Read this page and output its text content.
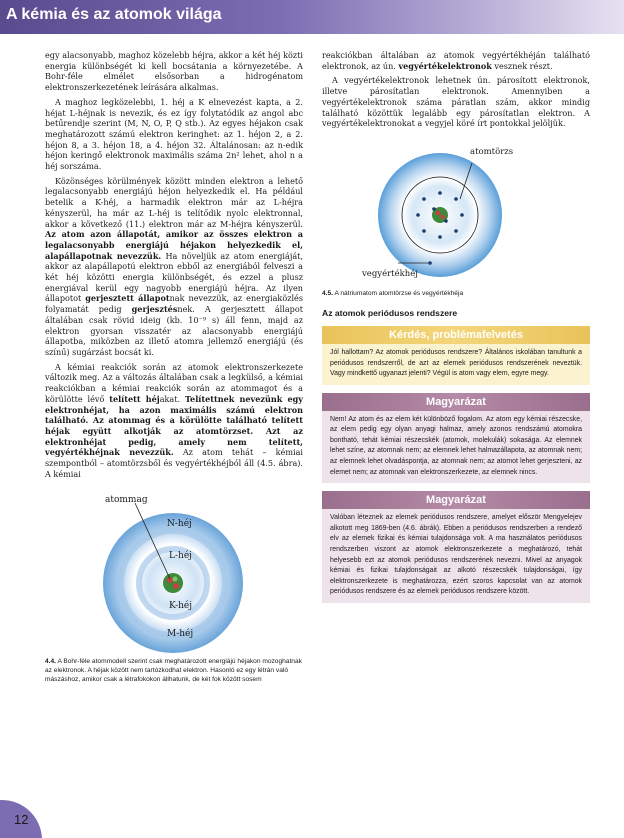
A kémia és az atomok világa

egy alacsonyabb, maghoz közelebb héjra, akkor a két héj közti energia különbségét ki kell bocsátania a környezetébe. A Bohr-féle elmélet elsősorban a hidrogénatom elektronszerkezetének leírására alkalmas.

A maghoz legközelebbi, 1. héj a K elnevezést kapta, a 2. héjat L-héjnak is nevezik, és ez így folytatódik az angol abc betűrendje szerint (M, N, O, P, Q stb.). Az egyes héjakon csak meghatározott számú elektron keringhet: az 1. héjon 2, a 2. héjon 8, a 3. héjon 18, a 4. héjon 32. Általánosan: az n-edik héjon keringő elektronok maximális száma 2n² lehet, ahol n a héj sorszáma.

Közönséges körülmények között minden elektron a lehető legalacsonyabb energiájú héjon helyezkedik el. Ha például betelik a K-héj, a harmadik elektron már az L-héjra kényszerül, ha már az L-héj is telítődik nyolc elektronnal, akkor a következő (11.) elektron már az M-héjra kényszerül. Az atom azon állapotát, amikor az összes elektron a legalacsonyabb energiájú héjakon helyezkedik el, alapállapotnak nevezzük. Ha növeljük az atom energiáját, akkor az alapállapotú elektron ebből az energiából felveszi a két héj közötti energia különbségét, és ezzel a plusz energiával kerül egy nagyobb energiájú héjra. Az ilyen állapotot gerjesztett állapotnak nevezzük, az energiaközlés folyamatát pedig gerjesztésnek. A gerjesztett állapot általában csak rövid ideig (kb. 10⁻⁹ s) áll fenn, majd az elektron gyorsan visszatér az alacsonyabb energiájú állapotba, miközben az illető atomra jellemző energiájú (és színű) sugárzást bocsát ki.

A kémiai reakciók során az atomok elektronszerkezete változik meg. Az a változás általában csak a legkülső, a kémiai reakciókban a kémiai reakciók során az atommagot és a körülötte lévő telített héjakat. Telítettnek nevezünk egy elektronhéjat, ha azon maximális számú elektron található. Az atommag és a körülötte található telített héjak együtt alkotják az atomtörzset. Azt az elektronhéjat pedig, amely nem telített, vegyértékhéjnak nevezzük. Az atom tehát – kémiai szempontból – atomtörzsből és vegyértékhéjból áll (4.5. ábra). A kémiai

atommag
N-héj
L-héj
K-héj
M-héj

4.4. A Bohr-féle atommodell szerint csak meghatározott energiájú héjakon mozoghatnak az elektronok. A héjak között nem tartózkodhat elektron. Hasonló ez egy létrán való mászáshoz, amikor csak a létrafokokon állhatunk, de két fok között sosem

reakciókban általában az atomok vegyértékhéján található elektronok, az ún. vegyértékelektronok vesznek részt.

A vegyértékelektronok lehetnek ún. párosított elektronok, illetve párosítatlan elektronok. Amennyiben a vegyértékelektronok száma páratlan szám, akkor mindig található közöttük legalább egy párosítatlan elektron. A vegyértékelektronokat a vegyjel köré írt pontokkal jelöljük.

atomtörzs
vegyértékhéj

4.5. A nátriumatom atomtörzse és vegyértékhéja

Az atomok periódusos rendszere
Kérdés, problémafelvetés
Jól hallottam? Az atomok periódusos rendszere? Általános iskolában tanultunk a periódusos rendszerről, de azt az elemek periódusos rendszerének neveztük. Vagy mindkettő ugyanazt jelenti? Végül is atom vagy elem, egyre megy.
Magyarázat
Nem! Az atom és az elem két különböző fogalom. Az atom egy kémiai részecske, az elem pedig egy olyan anyagi halmaz, amely azonos rendszámú atomokra bontható, tehát kémiai részecskék (atomok, molekulák) sokasága. Az elemnek lehet színe, az atomnak nem; az elemnek lehet halmazállapota, az atomnak nem; az elemnek lehet olvadáspontja, az atomnak nem; az atomot lehet gerjeszteni, az elemet nem; az atomnak van elektronszerkezete, az elemnek nincs.
Magyarázat
Valóban léteznek az elemek periódusos rendszere, amelyet először Mengyelejev alkotott meg 1869-ben (4.6. ábrák). Ebben a periódusos rendszerben a rendező elv az elemek fizikai és kémiai tulajdonsága volt. A ma használatos periódusos rendszerben viszont az atomok elektronszerkezete a meghatározó, tehát helyesebb ezt az atomok periódusos rendszerének nevezni. Mivel az anyagok kémiai és fizikai tulajdonságait az alkotó részecskék tulajdonságai, így elektronszerkezete is meghatározza, ezért szoros kapcsolat van az atomok periódusos rendszere és az elemek periódusos rendszere között.
12
